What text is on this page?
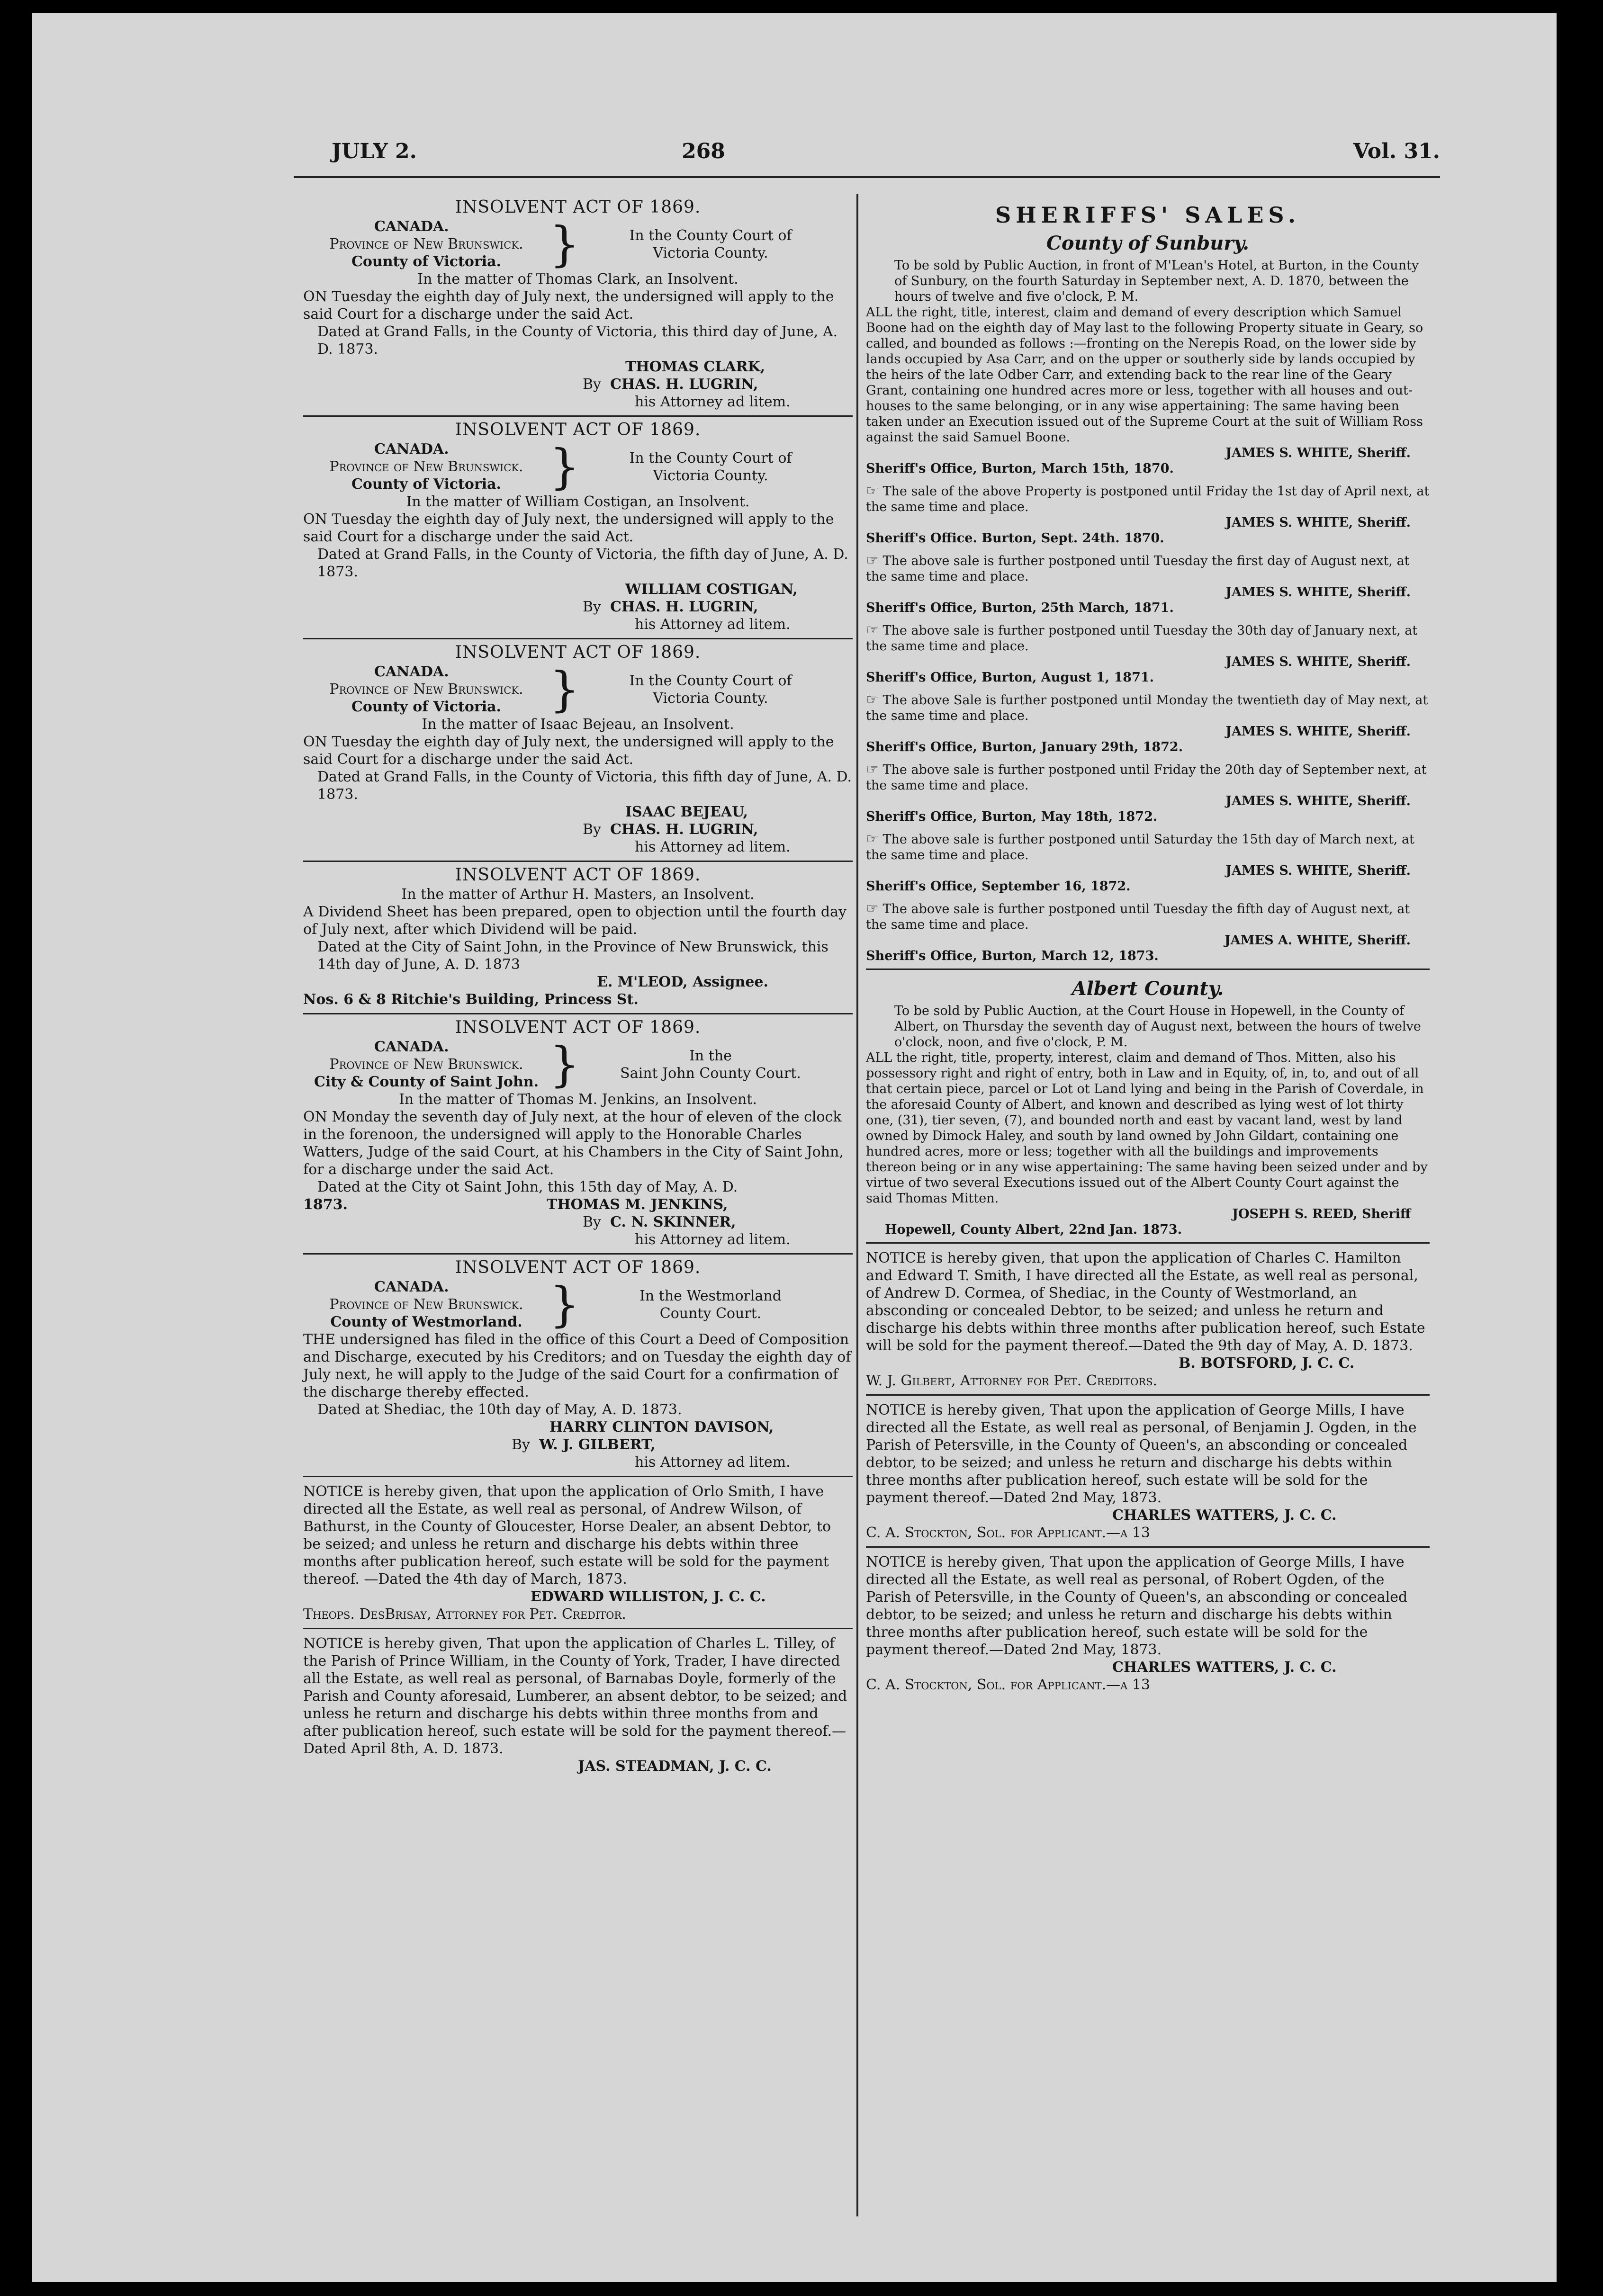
JULY 2.	268	Vol. 31.
INSOLVENT ACT OF 1869.
CANADA.
Province of New Brunswick.
County of Victoria.	}	In the County Court of
Victoria County.
In the matter of Thomas Clark, an Insolvent.
ON Tuesday the eighth day of July next, the undersigned will apply to the said Court for a discharge under the said Act.
Dated at Grand Falls, in the County of Victoria, this third day of June, A. D. 1873.
THOMAS CLARK,
By CHAS. H. LUGRIN,
his Attorney ad litem.
INSOLVENT ACT OF 1869.
CANADA.
Province of New Brunswick.
County of Victoria.	}	In the County Court of
Victoria County.
In the matter of William Costigan, an Insolvent.
ON Tuesday the eighth day of July next, the undersigned will apply to the said Court for a discharge under the said Act.
Dated at Grand Falls, in the County of Victoria, the fifth day of June, A. D. 1873.
WILLIAM COSTIGAN,
By CHAS. H. LUGRIN,
his Attorney ad litem.
INSOLVENT ACT OF 1869.
CANADA.
Province of New Brunswick.
County of Victoria.	}	In the County Court of
Victoria County.
In the matter of Isaac Bejeau, an Insolvent.
ON Tuesday the eighth day of July next, the undersigned will apply to the said Court for a discharge under the said Act.
Dated at Grand Falls, in the County of Victoria, this fifth day of June, A. D. 1873.
ISAAC BEJEAU,
By CHAS. H. LUGRIN,
his Attorney ad litem.
INSOLVENT ACT OF 1869.
In the matter of Arthur H. Masters, an Insolvent.
A Dividend Sheet has been prepared, open to objection until the fourth day of July next, after which Dividend will be paid.
Dated at the City of Saint John, in the Province of New Brunswick, this 14th day of June, A. D. 1873
E. M'LEOD, Assignee.
Nos. 6 & 8 Ritchie's Building, Princess St.
INSOLVENT ACT OF 1869.
CANADA.
Province of New Brunswick.
City & County of Saint John. }	In the
Saint John County Court.
In the matter of Thomas M. Jenkins, an Insolvent.
ON Monday the seventh day of July next, at the hour of eleven of the clock in the forenoon, the undersigned will apply to the Honorable Charles Watters, Judge of the said Court, at his Chambers in the City of Saint John, for a discharge under the said Act.
Dated at the City ot Saint John, this 15th day of May, A. D.
1873.	THOMAS M. JENKINS,
By C. N. SKINNER,
his Attorney ad litem.
INSOLVENT ACT OF 1869.
CANADA.
Province of New Brunswick.
County of Westmorland. }	In the Westmorland
County Court.
THE undersigned has filed in the office of this Court a Deed of Composition and Discharge, executed by his Creditors; and on Tuesday the eighth day of July next, he will apply to the Judge of the said Court for a confirmation of the discharge thereby effected.
Dated at Shediac, the 10th day of May, A. D. 1873.
HARRY CLINTON DAVISON,
By W. J. GILBERT,
his Attorney ad litem.
NOTICE is hereby given, that upon the application of Orlo Smith, I have directed all the Estate, as well real as personal, of Andrew Wilson, of Bathurst, in the County of Gloucester, Horse Dealer, an absent Debtor, to be seized; and unless he return and discharge his debts within three months after publication hereof, such estate will be sold for the payment thereof. —Dated the 4th day of March, 1873.
EDWARD WILLISTON, J. C. C.
Theops. DesBrisay, Attorney for Pet. Creditor.
NOTICE is hereby given, That upon the application of Charles L. Tilley, of the Parish of Prince William, in the County of York, Trader, I have directed all the Estate, as well real as personal, of Barnabas Doyle, formerly of the Parish and County aforesaid, Lumberer, an absent debtor, to be seized; and unless he return and discharge his debts within three months from and after publication hereof, such estate will be sold for the payment thereof.—Dated April 8th, A. D. 1873.
JAS. STEADMAN, J. C. C.
SHERIFFS' SALES.
County of Sunbury.
To be sold by Public Auction, in front of M'Lean's Hotel, at Burton, in the County of Sunbury, on the fourth Saturday in September next, A. D. 1870, between the hours of twelve and five o'clock, P. M.
ALL the right, title, interest, claim and demand of every description which Samuel Boone had on the eighth day of May last to the following Property situate in Geary, so called, and bounded as follows :—fronting on the Nerepis Road, on the lower side by lands occupied by Asa Carr, and on the upper or southerly side by lands occupied by the heirs of the late Odber Carr, and extending back to the rear line of the Geary Grant, containing one hundred acres more or less, together with all houses and out-houses to the same belonging, or in any wise appertaining: The same having been taken under an Execution issued out of the Supreme Court at the suit of William Ross against the said Samuel Boone.
JAMES S. WHITE, Sheriff.
Sheriff's Office, Burton, March 15th, 1870.
☞ The sale of the above Property is postponed until Friday the 1st day of April next, at the same time and place.
JAMES S. WHITE, Sheriff.
Sheriff's Office. Burton, Sept. 24th. 1870.
☞ The above sale is further postponed until Tuesday the first day of August next, at the same time and place.
JAMES S. WHITE, Sheriff.
Sheriff's Office, Burton, 25th March, 1871.
☞ The above sale is further postponed until Tuesday the 30th day of January next, at the same time and place.
JAMES S. WHITE, Sheriff.
Sheriff's Office, Burton, August 1, 1871.
☞ The above Sale is further postponed until Monday the twentieth day of May next, at the same time and place.
JAMES S. WHITE, Sheriff.
Sheriff's Office, Burton, January 29th, 1872.
☞ The above sale is further postponed until Friday the 20th day of September next, at the same time and place.
JAMES S. WHITE, Sheriff.
Sheriff's Office, Burton, May 18th, 1872.
☞ The above sale is further postponed until Saturday the 15th day of March next, at the same time and place.
JAMES S. WHITE, Sheriff.
Sheriff's Office, September 16, 1872.
☞ The above sale is further postponed until Tuesday the fifth day of August next, at the same time and place.
JAMES A. WHITE, Sheriff.
Sheriff's Office, Burton, March 12, 1873.
Albert County.
To be sold by Public Auction, at the Court House in Hopewell, in the County of Albert, on Thursday the seventh day of August next, between the hours of twelve o'clock, noon, and five o'clock, P. M.
ALL the right, title, property, interest, claim and demand of Thos. Mitten, also his possessory right and right of entry, both in Law and in Equity, of, in, to, and out of all that certain piece, parcel or Lot ot Land lying and being in the Parish of Coverdale, in the aforesaid County of Albert, and known and described as lying west of lot thirty one, (31), tier seven, (7), and bounded north and east by vacant land, west by land owned by Dimock Haley, and south by land owned by John Gildart, containing one hundred acres, more or less; together with all the buildings and improvements thereon being or in any wise appertaining: The same having been seized under and by virtue of two several Executions issued out of the Albert County Court against the said Thomas Mitten.
JOSEPH S. REED, Sheriff
Hopewell, County Albert, 22nd Jan. 1873.
NOTICE is hereby given, that upon the application of Charles C. Hamilton and Edward T. Smith, I have directed all the Estate, as well real as personal, of Andrew D. Cormea, of Shediac, in the County of Westmorland, an absconding or concealed Debtor, to be seized; and unless he return and discharge his debts within three months after publication hereof, such Estate will be sold for the payment thereof.—Dated the 9th day of May, A. D. 1873.
B. BOTSFORD, J. C. C.
W. J. Gilbert, Attorney for Pet. Creditors.
NOTICE is hereby given, That upon the application of George Mills, I have directed all the Estate, as well real as personal, of Benjamin J. Ogden, in the Parish of Petersville, in the County of Queen's, an absconding or concealed debtor, to be seized; and unless he return and discharge his debts within three months after publication hereof, such estate will be sold for the payment thereof.—Dated 2nd May, 1873.
CHARLES WATTERS, J. C. C.
C. A. Stockton, Sol. for Applicant.—a 13
NOTICE is hereby given, That upon the application of George Mills, I have directed all the Estate, as well real as personal, of Robert Ogden, of the Parish of Petersville, in the County of Queen's, an absconding or concealed debtor, to be seized; and unless he return and discharge his debts within three months after publication hereof, such estate will be sold for the payment thereof.—Dated 2nd May, 1873.
CHARLES WATTERS, J. C. C.
C. A. Stockton, Sol. for Applicant.—a 13
